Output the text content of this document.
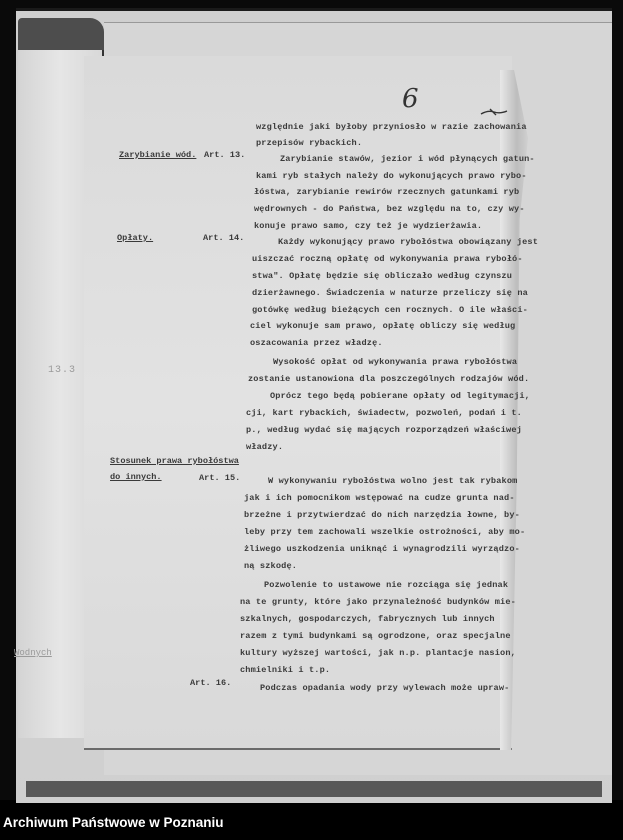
13.3
Wodnych
6
Zarybianie wód.
Opłaty.
Stosunek prawa rybołóstwa
do innych.
Art. 13.
Art. 14.
Art. 15.
Art. 16.
względnie jaki byłoby przyniosło w razie zachowania
przepisów rybackich.
Zarybianie stawów, jezior i wód płynących gatun-
kami ryb stałych należy do wykonujących prawo rybo-
łóstwa, zarybianie rewirów rzecznych gatunkami ryb
wędrownych - do Państwa, bez względu na to, czy wy-
konuje prawo samo, czy też je wydzierżawia.
Każdy wykonujący prawo rybołóstwa obowiązany jest
uiszczać roczną opłatę od wykonywania prawa rybołó-
stwa". Opłatę będzie się obliczało według czynszu
dzierżawnego. Świadczenia w naturze przeliczy się na
gotówkę według bieżących cen rocznych. O ile właści-
ciel wykonuje sam prawo, opłatę obliczy się według
oszacowania przez władzę.
Wysokość opłat od wykonywania prawa rybołóstwa
zostanie ustanowiona dla poszczególnych rodzajów wód.
Oprócz tego będą pobierane opłaty od legitymacji,
cji, kart rybackich, świadectw, pozwoleń, podań i t.
p., według wydać się mających rozporządzeń właściwej
władzy.
W wykonywaniu rybołóstwa wolno jest tak rybakom
jak i ich pomocnikom wstępować na cudze grunta nad-
brzeżne i przytwierdzać do nich narzędzia łowne, by-
leby przy tem zachowali wszelkie ostrożności, aby mo-
żliwego uszkodzenia uniknąć i wynagrodzili wyrządzo-
ną szkodę.
Pozwolenie to ustawowe nie rozciąga się jednak
na te grunty, które jako przynależność budynków mie-
szkalnych, gospodarczych, fabrycznych lub innych
razem z tymi budynkami są ogrodzone, oraz specjalne
kultury wyższej wartości, jak n.p. plantacje nasion,
chmielniki i t.p.
Podczas opadania wody przy wylewach może upraw-
Archiwum Państwowe w Poznaniu
